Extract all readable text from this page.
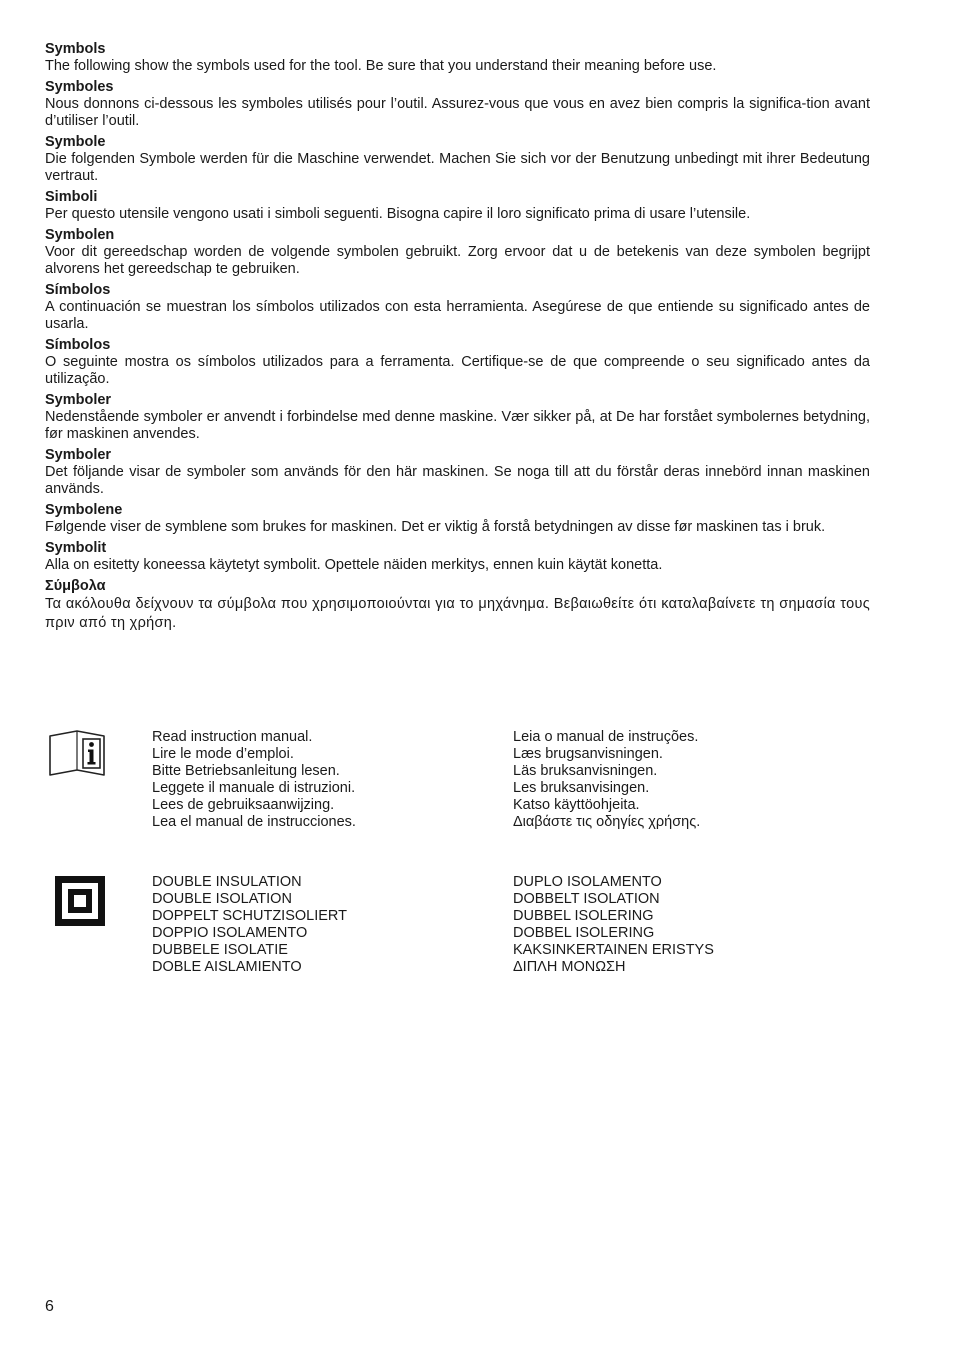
Symbols
The following show the symbols used for the tool. Be sure that you understand their meaning before use.
Symboles
Nous donnons ci-dessous les symboles utilisés pour l’outil. Assurez-vous que vous en avez bien compris la significa-tion avant d’utiliser l’outil.
Symbole
Die folgenden Symbole werden für die Maschine verwendet. Machen Sie sich vor der Benutzung unbedingt mit ihrer Bedeutung vertraut.
Simboli
Per questo utensile vengono usati i simboli seguenti. Bisogna capire il loro significato prima di usare l’utensile.
Symbolen
Voor dit gereedschap worden de volgende symbolen gebruikt. Zorg ervoor dat u de betekenis van deze symbolen begrijpt alvorens het gereedschap te gebruiken.
Símbolos
A continuación se muestran los símbolos utilizados con esta herramienta. Asegúrese de que entiende su significado antes de usarla.
Símbolos
O seguinte mostra os símbolos utilizados para a ferramenta. Certifique-se de que compreende o seu significado antes da utilização.
Symboler
Nedenstående symboler er anvendt i forbindelse med denne maskine. Vær sikker på, at De har forstået symbolernes betydning, før maskinen anvendes.
Symboler
Det följande visar de symboler som används för den här maskinen. Se noga till att du förstår deras innebörd innan maskinen används.
Symbolene
Følgende viser de symblene som brukes for maskinen. Det er viktig å forstå betydningen av disse før maskinen tas i bruk.
Symbolit
Alla on esitetty koneessa käytetyt symbolit. Opettele näiden merkitys, ennen kuin käytät konetta.
Σύμβολα
Τα ακόλουθα δείχνουν τα σύμβολα που χρησιμοποιούνται για το μηχάνημα. Βεβαιωθείτε ότι καταλαβαίνετε τη σημασία τους πριν από τη χρήση.
Read instruction manual.
Lire le mode d’emploi.
Bitte Betriebsanleitung lesen.
Leggete il manuale di istruzioni.
Lees de gebruiksaanwijzing.
Lea el manual de instrucciones.
Leia o manual de instruções.
Læs brugsanvisningen.
Läs bruksanvisningen.
Les bruksanvisingen.
Katso käyttöohjeita.
Διαβάστε τις οδηγίες χρήσης.
DOUBLE INSULATION
DOUBLE ISOLATION
DOPPELT SCHUTZISOLIERT
DOPPIO ISOLAMENTO
DUBBELE ISOLATIE
DOBLE AISLAMIENTO
DUPLO ISOLAMENTO
DOBBELT ISOLATION
DUBBEL ISOLERING
DOBBEL ISOLERING
KAKSINKERTAINEN ERISTYS
ΔΙΠΛΗ ΜΟΝΩΣΗ
6
